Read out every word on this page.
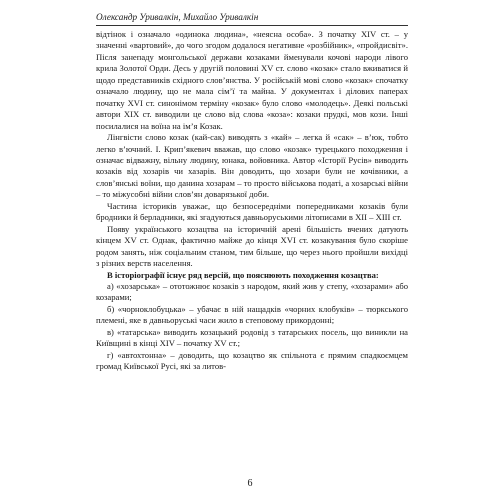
Олександр Уривалкін, Михайло Уривалкін

відтінок і означало «одинока людина», «неясна особа». З початку XIV ст. – у значенні «вартовий», до чого згодом додалося негативне «розбійник», «пройдисвіт». Після занепаду монгольської держави козаками йменували кочові народи лівого крила Золотої Орди. Десь у другій половині XV ст. слово «козак» стало вживатися й щодо представників східного слов’янства. У російській мові слово «козак» спочатку означало людину, що не мала сім’ї та майна. У документах і ділових паперах початку XVI ст. синонімом терміну «козак» було слово «молодець». Деякі польські автори XIX ст. виводили це слово від слова «коза»: козаки прудкі, мов кози. Інші посилалися на воїна на ім’я Козак.

Лінгвісти слово козак (кай-сак) виводять з «кай» – легка й «сак» – в’юк, тобто легко в’ючний. І. Крип’якевич вважав, що слово «козак» турецького походження і означає відважну, вільну людину, юнака, войовника. Автор «Історії Русів» виводить козаків від хозарів чи хазарів. Він доводить, що хозари були не кочівники, а слов’янські воїни, що данина хозарам – то просто військова податі, а хозарські війни – то міжусобні війни слов’ян доварязької доби.

Частина істориків уважає, що безпосередніми попередниками козаків були бродники й берладники, які згадуються давньоруськими літописами в XII – XIII ст.

Появу українського козацтва на історичній арені більшість вчених датують кінцем XV ст. Однак, фактично майже до кінця XVI ст. козакування було скоріше родом занять, ніж соціальним станом, тим більше, що через нього пройшли вихідці з різних верств населення.

В історіографії існує ряд версій, що пояснюють походження козацтва:

а) «хозарська» – ототожнює козаків з народом, який жив у степу, «хозарами» або козарами;

б) «чорноклобуцька» – убачає в ній нащадків «чорних клобуків» – тюркського племені, яке в давньоруські часи жило в степовому прикордонні;

в) «татарська» виводить козацький родовід з татарських посель, що виникли на Київщині в кінці XIV – початку XV ст.;

г) «автохтонна» – доводить, що козацтво як спільнота є прямим спадкоємцем громад Київської Русі, які за литов-

6
